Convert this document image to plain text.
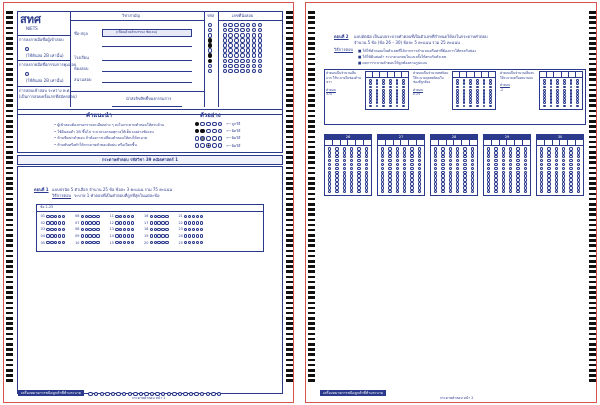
สทศ
NIETS
การลงลายมือชื่อผู้เข้าสอบ
(ใช้ดินสอ 2B เท่านั้น)
การลงลายมือชื่อกรรมการคุมสอบ
(ใช้ดินสอ 2B เท่านั้น)
การสอบเข้าสอบ ระหว่าง พ.ศ.
(เป็นการสอบครั้งแรกที่สมัครสอบ)
วิชาสามัญ
ชื่อ-สกุล	(เขียนด้วยตัวบรรจง ชัดเจน)
โรงเรียน
ห้องสอบ
สนามสอบ
นำส่งลิขสิทธิ์ของกรรมการ
รหัส	เลขที่นั่งสอบ
คำแนะนำ	ตัวอย่าง
• ผู้เข้าสอบต้องกรอกรายละเอียดต่าง ๆ ลงในกระดาษคำตอบให้ครบถ้วน
• ใช้ดินสอดำ 2B ขึ้นไป ระบายวงกลมทุกวงให้เต็มวงอย่างชัดเจน
• ห้ามขีดฆ่าคำตอบ ถ้าต้องการเปลี่ยนคำตอบให้ลบให้สะอาด
• ห้ามพับหรือทำให้กระดาษคำตอบยับย่น หรือเปียกชื้น
⟵ ถูกวิธี
⟵ ผิดวิธี
⟵ ผิดวิธี
⟵ ผิดวิธี
กระดาษคำตอบ รหัสวิชา 39 คณิตศาสตร์ 1
ตอนที่ 1 แบบปรนัย 5 ตัวเลือก จำนวน 25 ข้อ ข้อละ 3 คะแนน รวม 75 คะแนน
วิธีการตอบ ระบาย 1 คำตอบที่เป็นคำตอบที่ถูกที่สุดในแต่ละข้อ
ข้อ 1-25
01
02
03
04
05
06
07
08
09
10
11
12
13
14
15
16
17
18
19
20
21
22
23
24
25
เครื่องหมายการชนิดลูกค้าที่ห้ามระบาย
กระดาษคำตอบ หน้า 1
ตอนที่ 2 แบบอัตนัย เป็นแบบระบายคำตอบที่เป็นตัวเลขที่กำหนดให้ลงในกระดาษคำตอบ
จำนวน 5 ข้อ (ข้อ 26 – 30) ข้อละ 5 คะแนน รวม 25 คะแนน
วิธีการตอบ ■ ให้ใช้คำตอบเป็นตัวเลขที่ได้จากการคำนวณหรือค่าที่ต้องการให้ตรงกับช่อง
■ ให้ใช้ดินสอดำ ระบายวงกลมในแนวตั้งให้ตรงกับตัวเลข
■ ผลการระบายคำตอบให้ถูกต้องตามรูปแบบ
คำตอบเป็นจำนวนเต็มบวก ให้ระบายในช่องด้านขวา
คำตอบ
375
คำตอบเป็นจำนวนทศนิยม ให้ระบายจุดทศนิยมในช่องที่ถูกต้อง
คำตอบ
0.25
คำตอบเป็นจำนวนเต็มลบ ให้ระบายเครื่องหมายลบ
คำตอบ
-2
26	27	28	29	30
เครื่องหมายการชนิดลูกค้าที่ห้ามระบาย
กระดาษคำตอบ หน้า 2
